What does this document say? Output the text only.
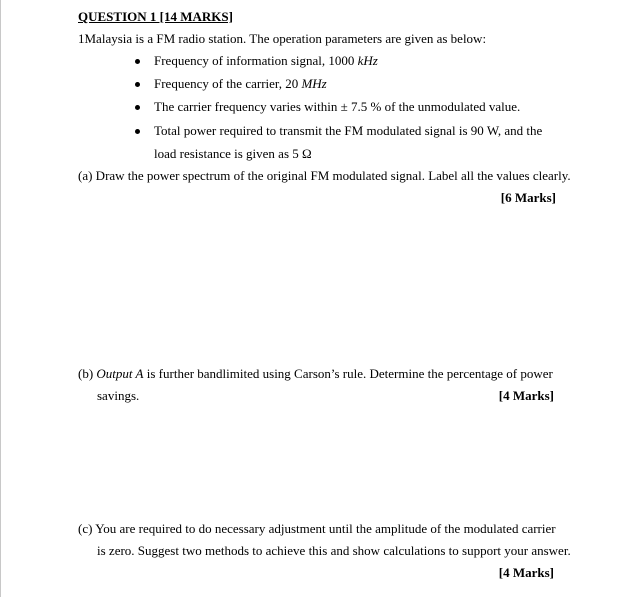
QUESTION 1 [14 MARKS]
1Malaysia is a FM radio station. The operation parameters are given as below:
Frequency of information signal, 1000 kHz
Frequency of the carrier, 20 MHz
The carrier frequency varies within ± 7.5 % of the unmodulated value.
Total power required to transmit the FM modulated signal is 90 W, and the
load resistance is given as 5 Ω
(a) Draw the power spectrum of the original FM modulated signal. Label all the values clearly.
[6 Marks]
(b) Output A is further bandlimited using Carson’s rule. Determine the percentage of power
savings.	[4 Marks]
(c) You are required to do necessary adjustment until the amplitude of the modulated carrier
is zero. Suggest two methods to achieve this and show calculations to support your answer.
[4 Marks]
